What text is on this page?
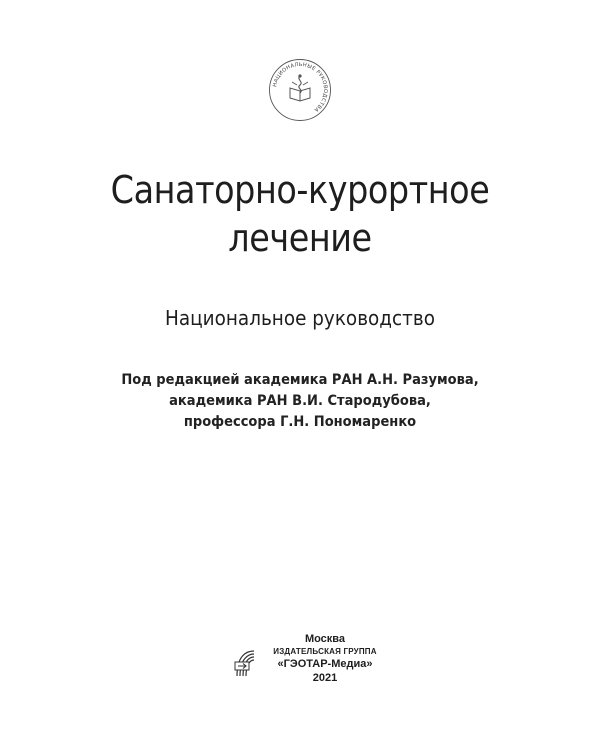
НАЦИОНАЛЬНЫЕ РУКОВОДСТВА
Санаторно-курортное
лечение
Национальное руководство
Под редакцией академика РАН А.Н. Разумова,
академика РАН В.И. Стародубова,
профессора Г.Н. Пономаренко
Москва
ИЗДАТЕЛЬСКАЯ ГРУППА
«ГЭОТАР-Медиа»
2021
